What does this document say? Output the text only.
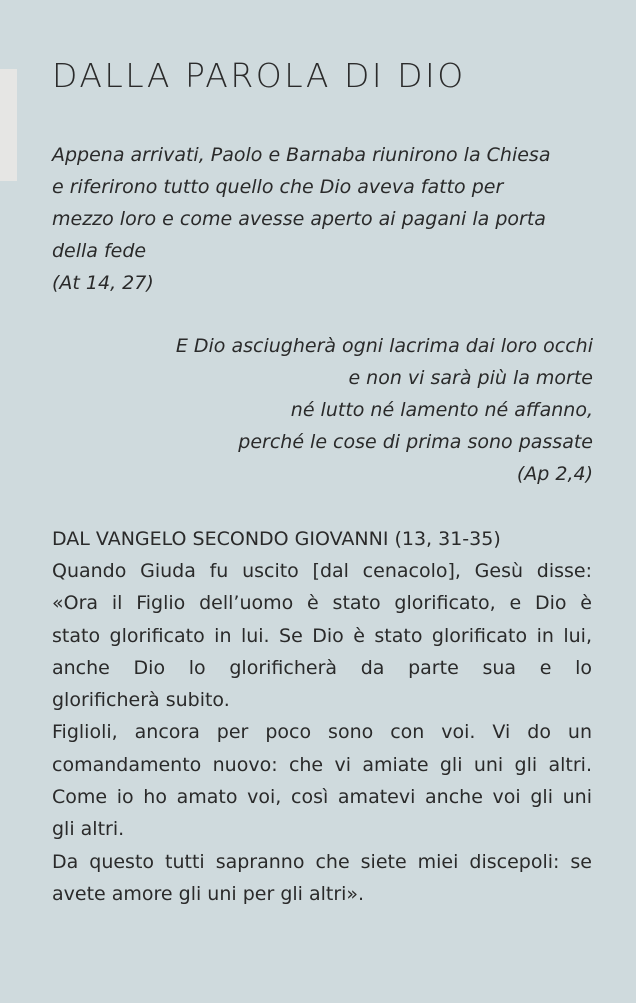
DALLA PAROLA DI DIO

Appena arrivati, Paolo e Barnaba riunirono la Chiesa
e riferirono tutto quello che Dio aveva fatto per
mezzo loro e come avesse aperto ai pagani la porta
della fede
(At 14, 27)

E Dio asciugherà ogni lacrima dai loro occhi
e non vi sarà più la morte
né lutto né lamento né affanno,
perché le cose di prima sono passate
(Ap 2,4)

DAL VANGELO SECONDO GIOVANNI (13, 31-35)
Quando Giuda fu uscito [dal cenacolo], Gesù disse:
«Ora il Figlio dell’uomo è stato glorificato, e Dio è
stato glorificato in lui. Se Dio è stato glorificato in lui,
anche Dio lo glorificherà da parte sua e lo
glorificherà subito.
Figlioli, ancora per poco sono con voi. Vi do un
comandamento nuovo: che vi amiate gli uni gli altri.
Come io ho amato voi, così amatevi anche voi gli uni
gli altri.
Da questo tutti sapranno che siete miei discepoli: se
avete amore gli uni per gli altri».
